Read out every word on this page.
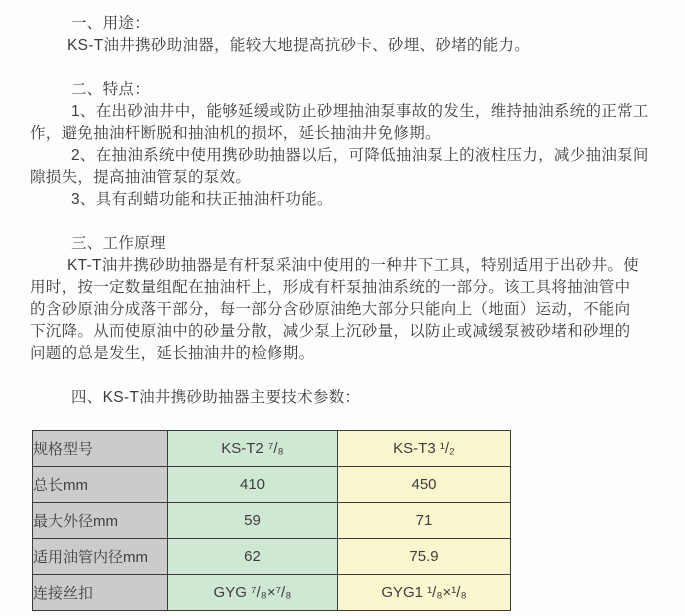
一、用途：
KS-T油井携砂助油器，能较大地提高抗砂卡、砂埋、砂堵的能力。
二、特点：
1、在出砂油井中，能够延缓或防止砂埋抽油泵事故的发生，维持抽油系统的正常工
作，避免抽油杆断脱和抽油机的损坏，延长抽油井免修期。
2、在抽油系统中使用携砂助抽器以后，可降低抽油泵上的液柱压力，减少抽油泵间
隙损失，提高抽油管泵的泵效。
3、具有刮蜡功能和扶正抽油杆功能。
三、工作原理
KT-T油井携砂助抽器是有杆泵采油中使用的一种井下工具，特别适用于出砂井。使
用时，按一定数量组配在抽油杆上，形成有杆泵抽油系统的一部分。该工具将抽油管中
的含砂原油分成落干部分，每一部分含砂原油绝大部分只能向上（地面）运动，不能向
下沉降。从而使原油中的砂量分散，减少泵上沉砂量，以防止或减缓泵被砂堵和砂埋的
问题的总是发生，延长抽油井的检修期。
四、KS-T油井携砂助抽器主要技术参数：
规格型号	KS-T2 ⁷/₈	KS-T3 ¹/₂
总长mm	410	450
最大外径mm	59	71
适用油管内径mm	62	75.9
连接丝扣	GYG ⁷/₈×⁷/₈	GYG1 ¹/₈×¹/₈
